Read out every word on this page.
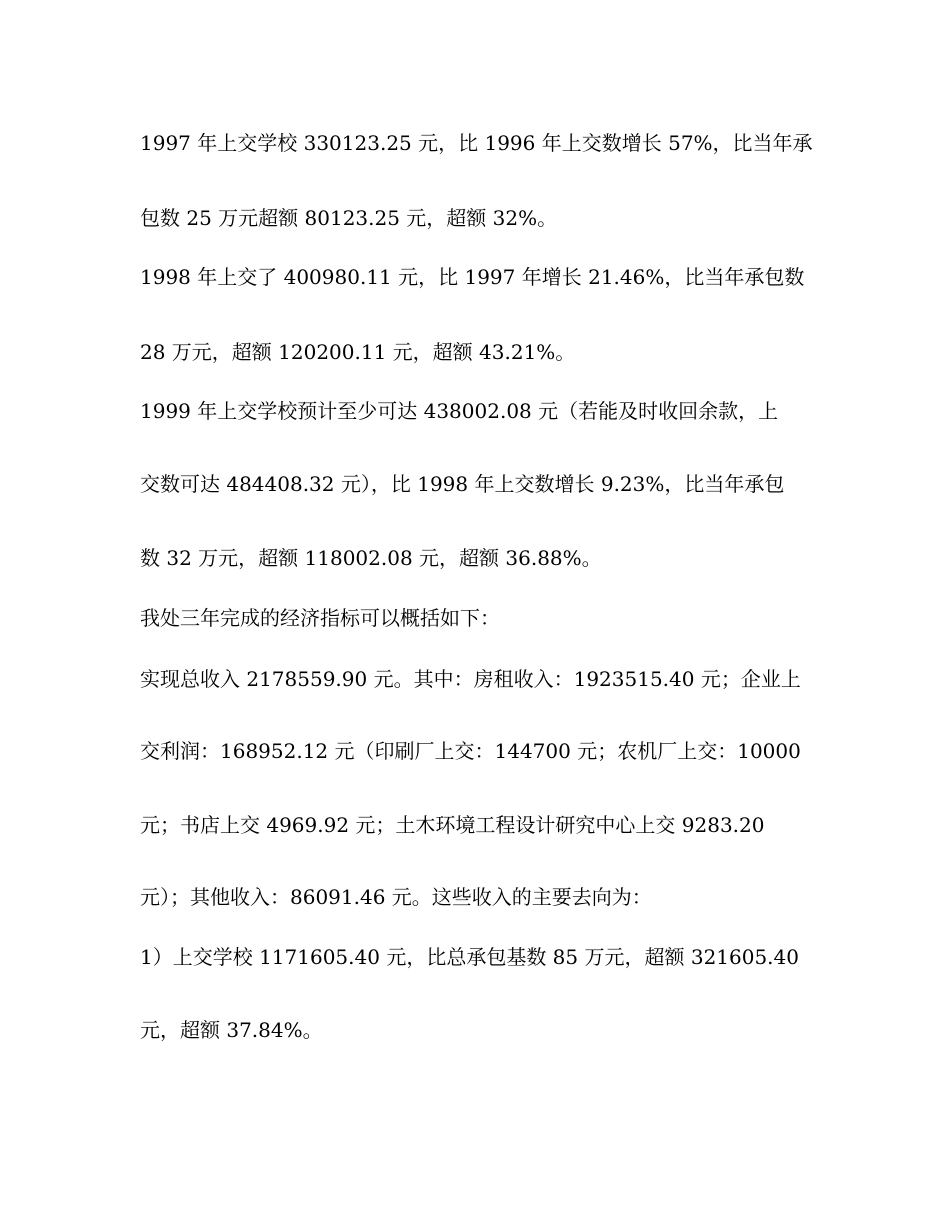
1997 年上交学校 330123.25 元，比 1996 年上交数增长 57%，比当年承
包数 25 万元超额 80123.25 元，超额 32%。
1998 年上交了 400980.11 元，比 1997 年增长 21.46%，比当年承包数
28 万元，超额 120200.11 元，超额 43.21%。
1999 年上交学校预计至少可达 438002.08 元（若能及时收回余款，上
交数可达 484408.32 元），比 1998 年上交数增长 9.23%，比当年承包
数 32 万元，超额 118002.08 元，超额 36.88%。
我处三年完成的经济指标可以概括如下：
实现总收入 2178559.90 元。其中：房租收入：1923515.40 元；企业上
交利润：168952.12 元（印刷厂上交：144700 元；农机厂上交：10000
元；书店上交 4969.92 元；土木环境工程设计研究中心上交 9283.20
元）；其他收入：86091.46 元。这些收入的主要去向为：
1）上交学校 1171605.40 元，比总承包基数 85 万元，超额 321605.40
元，超额 37.84%。
